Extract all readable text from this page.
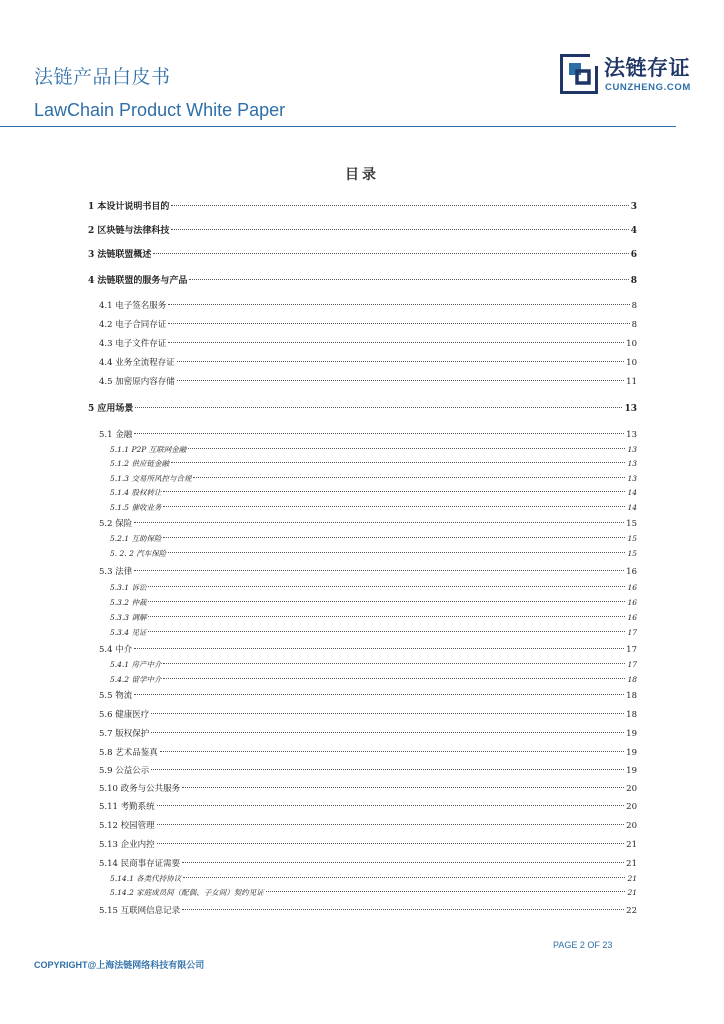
法链产品白皮书
LawChain Product White Paper
法链存证
CUNZHENG.COM
目录
1 本设计说明书目的	3
2 区块链与法律科技	4
3 法链联盟概述	6
4 法链联盟的服务与产品	8
4.1 电子签名服务	8
4.2 电子合同存证	8
4.3 电子文件存证	10
4.4 业务全流程存证	10
4.5 加密原内容存储	11
5 应用场景	13
5.1 金融	13
5.1.1 P2P 互联网金融	13
5.1.2 供应链金融	13
5.1.3 交易所风控与合规	13
5.1.4 股权转让	14
5.1.5 催收业务	14
5.2 保险	15
5.2.1 互助保险	15
5. 2. 2 汽车保险	15
5.3 法律	16
5.3.1 诉讼	16
5.3.2 仲裁	16
5.3.3 调解	16
5.3.4 见证	17
5.4 中介	17
5.4.1 房产中介	17
5.4.2 留学中介	18
5.5 物流	18
5.6 健康医疗	18
5.7 版权保护	19
5.8 艺术品鉴真	19
5.9 公益公示	19
5.10 政务与公共服务	20
5.11 考勤系统	20
5.12 校园管理	20
5.13 企业内控	21
5.14 民商事存证需要	21
5.14.1 各类代持协议	21
5.14.2 家庭成员间（配偶、子女间）契约见证	21
5.15 互联网信息记录	22
PAGE 2 OF 23
COPYRIGHT@上海法链网络科技有限公司
